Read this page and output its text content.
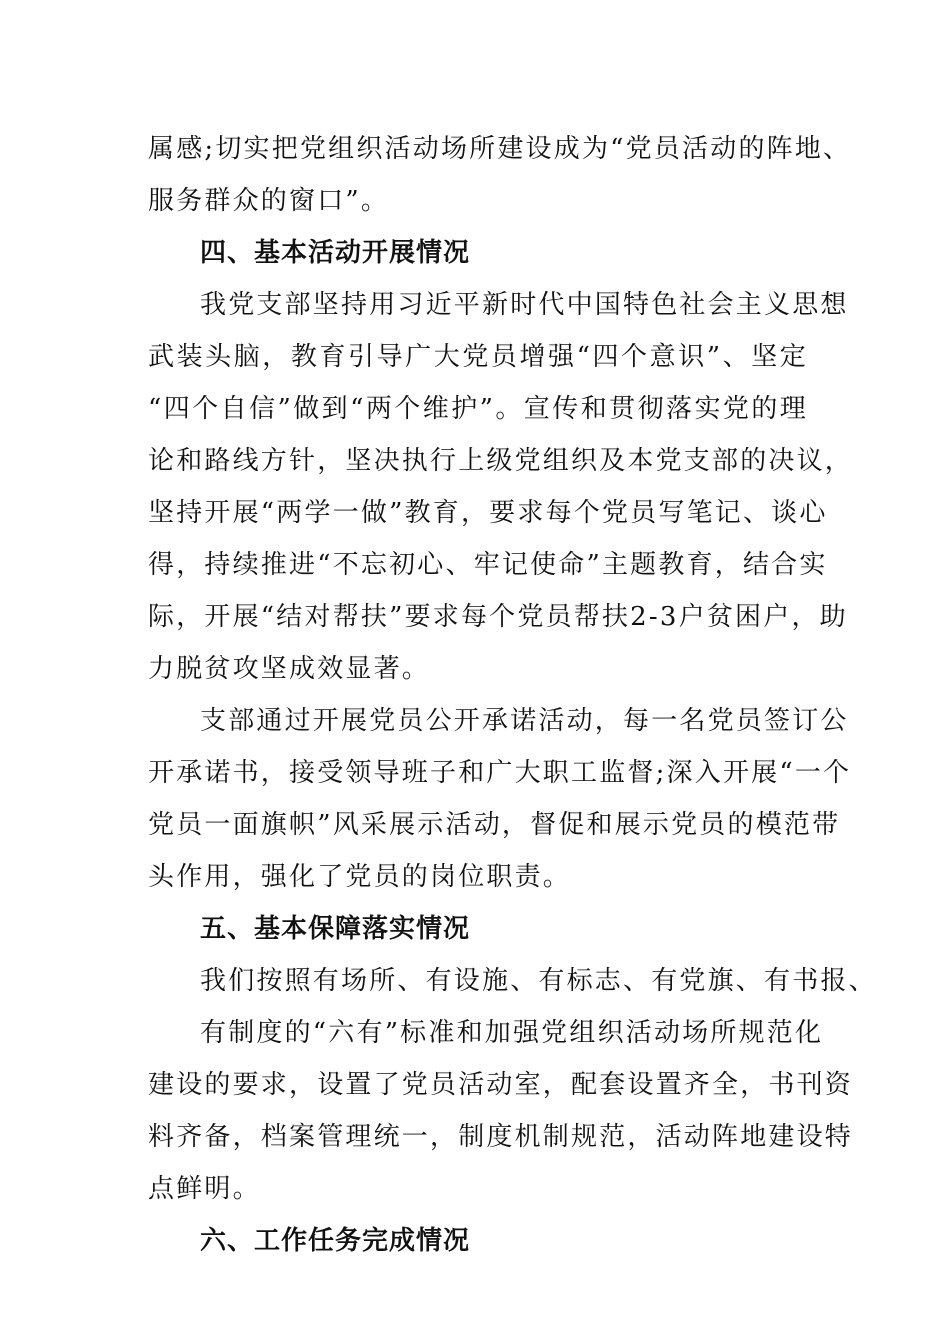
属感;切实把党组织活动场所建设成为“党员活动的阵地、
服务群众的窗口”。
四、基本活动开展情况
我党支部坚持用习近平新时代中国特色社会主义思想
武装头脑，教育引导广大党员增强“四个意识”、坚定
“四个自信”做到“两个维护”。宣传和贯彻落实党的理
论和路线方针，坚决执行上级党组织及本党支部的决议，
坚持开展“两学一做”教育，要求每个党员写笔记、谈心
得，持续推进“不忘初心、牢记使命”主题教育，结合实
际，开展“结对帮扶”要求每个党员帮扶2-3户贫困户，助
力脱贫攻坚成效显著。
支部通过开展党员公开承诺活动，每一名党员签订公
开承诺书，接受领导班子和广大职工监督;深入开展“一个
党员一面旗帜”风采展示活动，督促和展示党员的模范带
头作用，强化了党员的岗位职责。
五、基本保障落实情况
我们按照有场所、有设施、有标志、有党旗、有书报、
有制度的“六有”标准和加强党组织活动场所规范化
建设的要求，设置了党员活动室，配套设置齐全，书刊资
料齐备，档案管理统一，制度机制规范，活动阵地建设特
点鲜明。
六、工作任务完成情况
